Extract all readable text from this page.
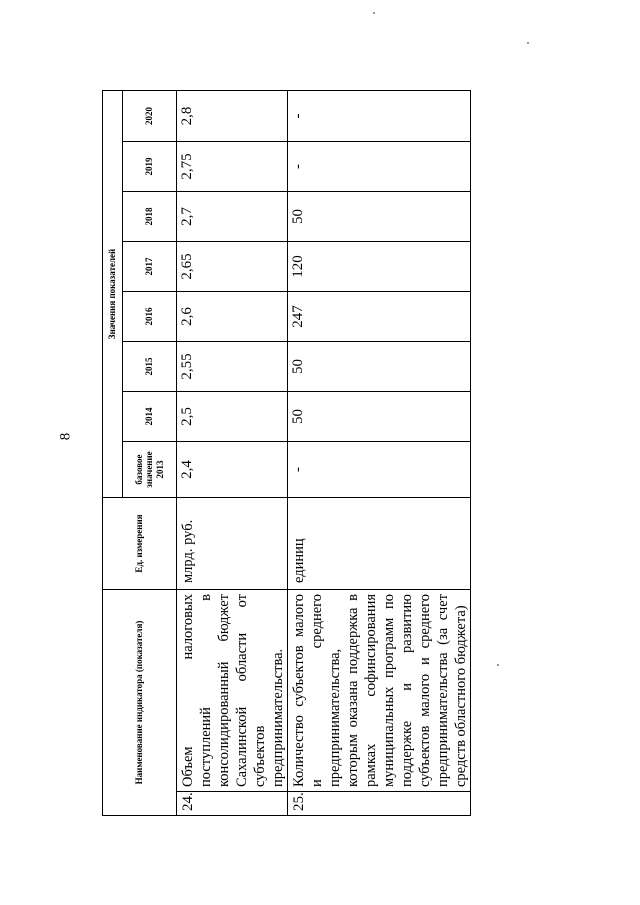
8
Наименование индикатора (показателя)		Ед. измерения	Значения показателей							
			базовое значение 2013	2014	2015	2016	2017	2018	2019	2020
24.	Объем налоговых поступлений в консолидированный бюджет Сахалинской области от субъектов предпринимательства.	млрд. руб.	2,4	2,5	2,55	2,6	2,65	2,7	2,75	2,8
25.	Количество субъектов малого и среднего предпринимательства, которым оказана поддержка в рамках софинсирования муниципальных программ по поддержке и развитию субъектов малого и среднего предпринимательства (за счет средств областного бюджета)	единиц	-	50	50	247	120	50	-	-
